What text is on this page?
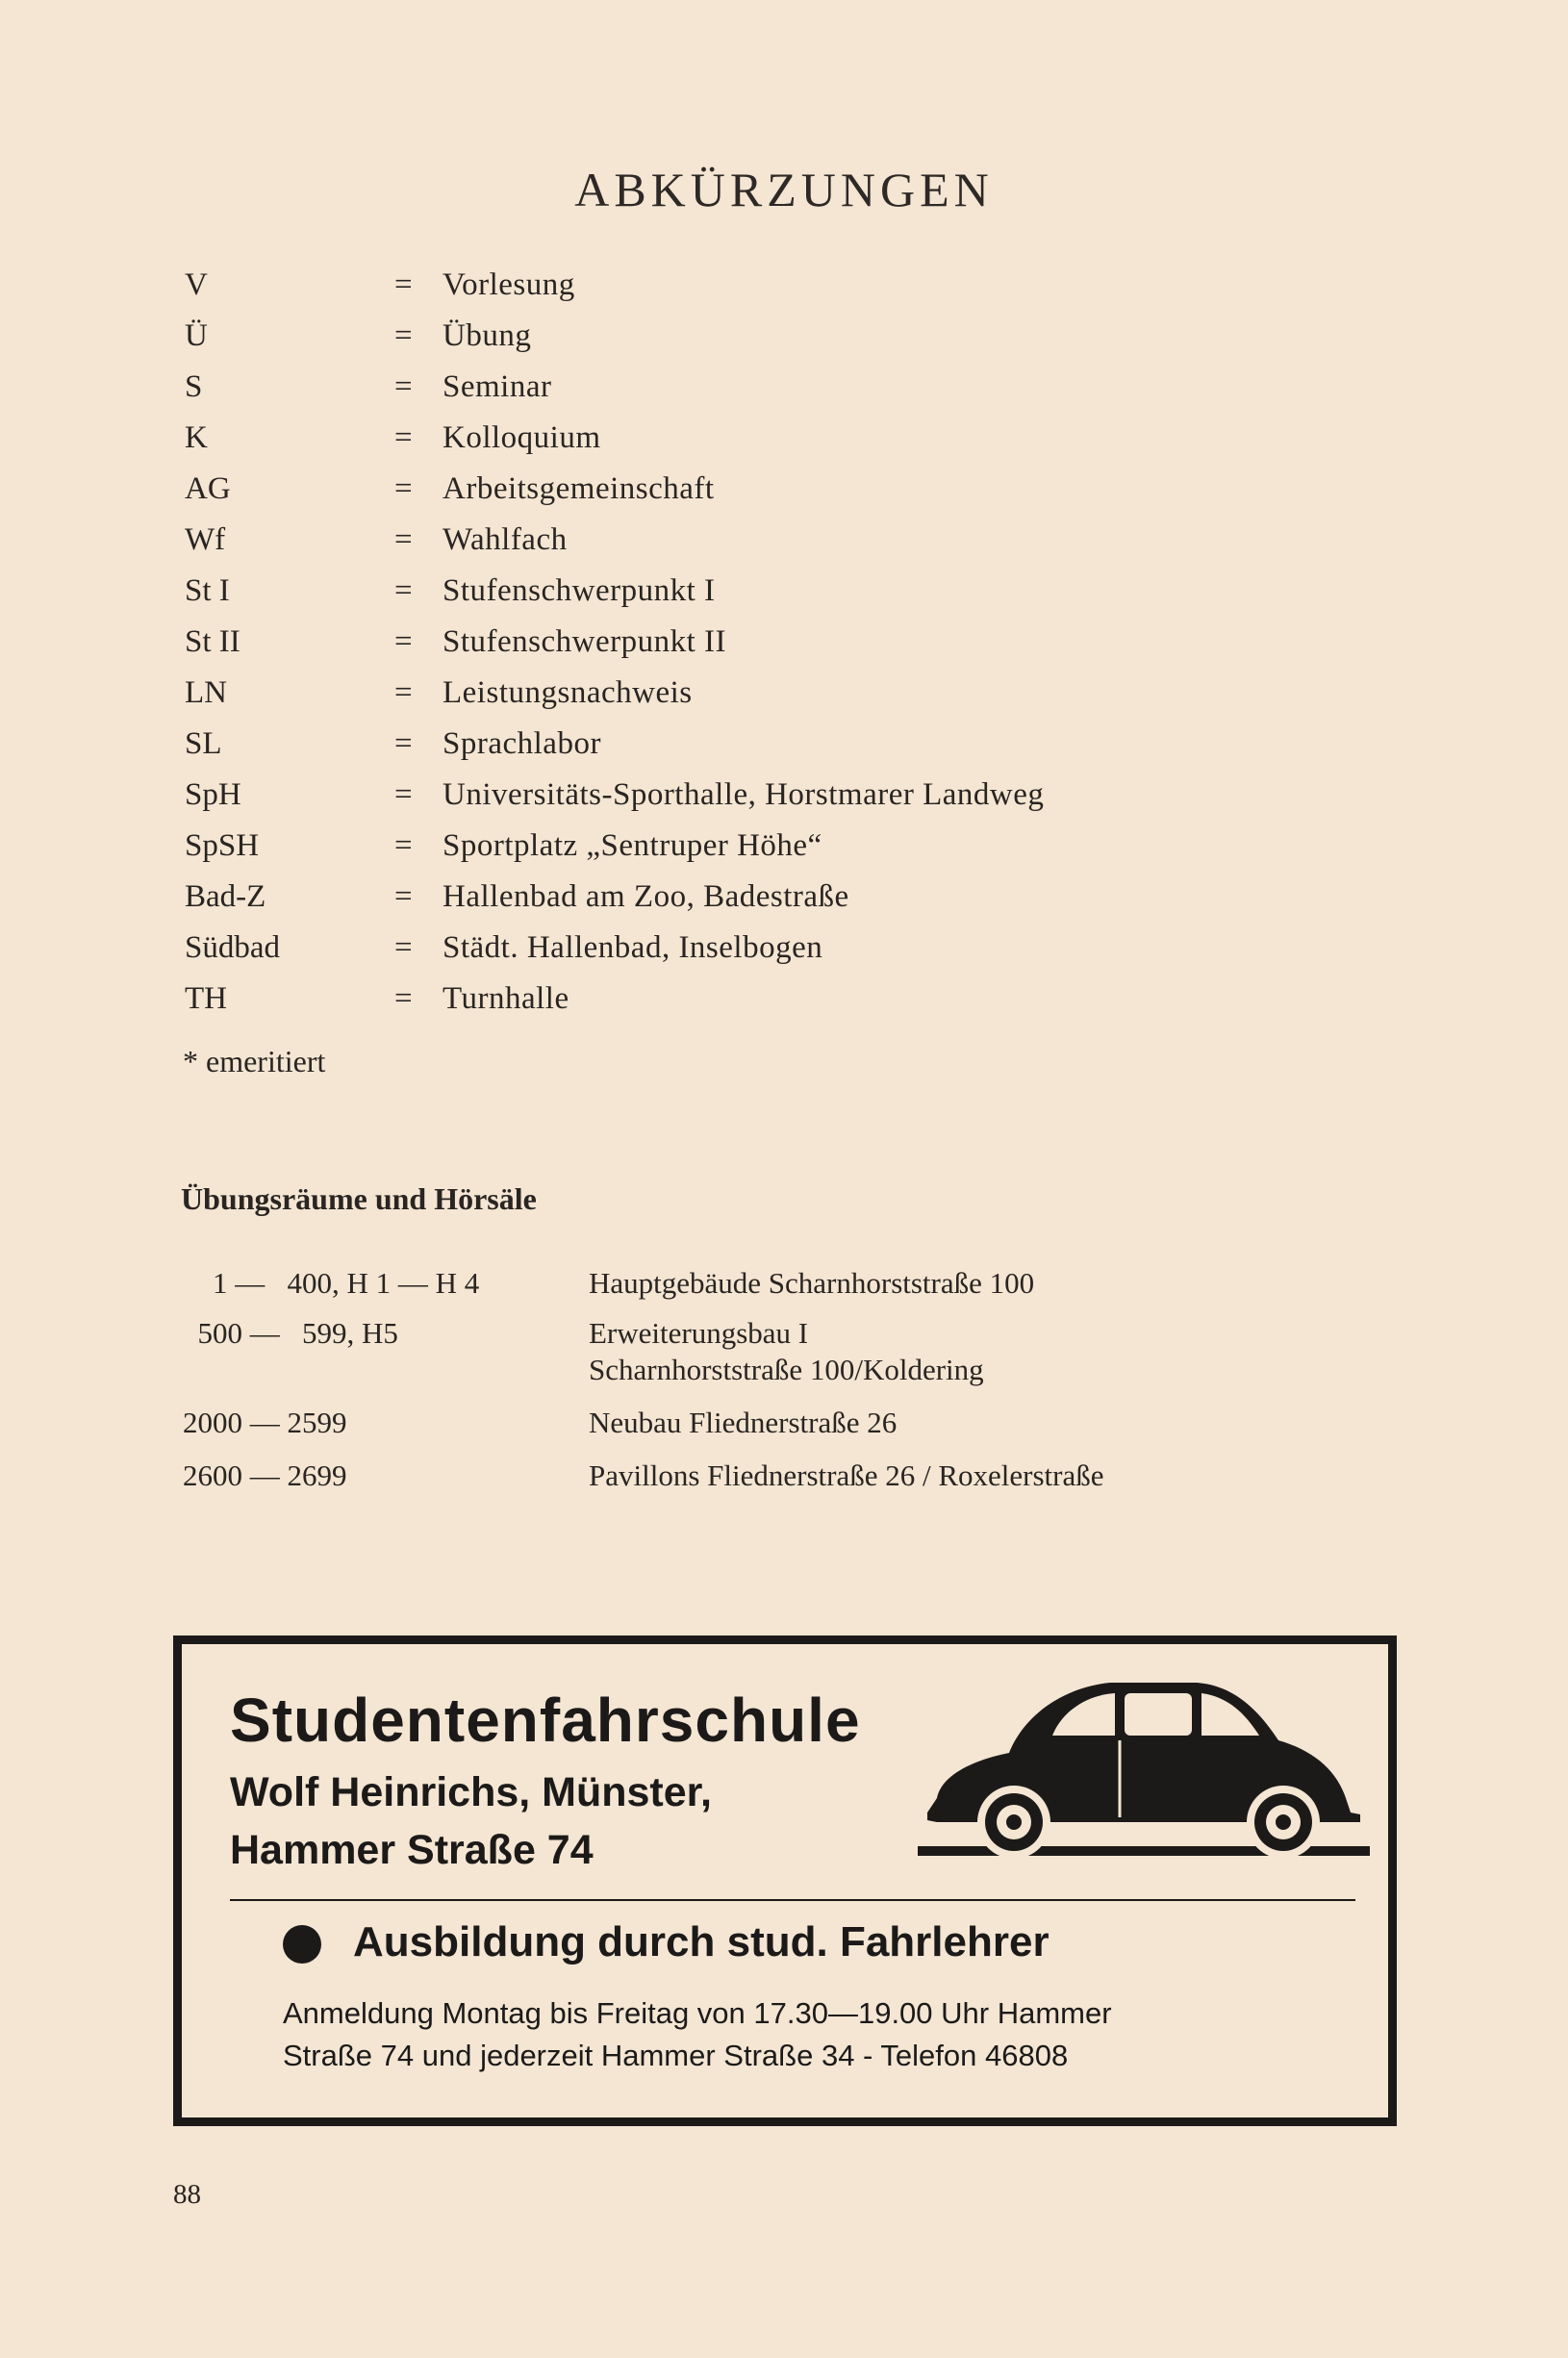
ABKÜRZUNGEN
V	= Vorlesung
Ü	= Übung
S	= Seminar
K	= Kolloquium
AG	= Arbeitsgemeinschaft
Wf	= Wahlfach
St I	= Stufenschwerpunkt I
St II	= Stufenschwerpunkt II
LN	= Leistungsnachweis
SL	= Sprachlabor
SpH	= Universitäts-Sporthalle, Horstmarer Landweg
SpSH	= Sportplatz „Sentruper Höhe“
Bad-Z	= Hallenbad am Zoo, Badestraße
Südbad	= Städt. Hallenbad, Inselbogen
TH	= Turnhalle
* emeritiert
Übungsräume und Hörsäle
1 —   400, H 1 — H 4	Hauptgebäude Scharnhorststraße 100
500 —   599, H5	Erweiterungsbau I
Scharnhorststraße 100/Koldering
2000 — 2599	Neubau Fliednerstraße 26
2600 — 2699	Pavillons Fliednerstraße 26 / Roxelerstraße
Studentenfahrschule
Wolf Heinrichs, Münster,
Hammer Straße 74
Ausbildung durch stud. Fahrlehrer
Anmeldung Montag bis Freitag von 17.30—19.00 Uhr Hammer
Straße 74 und jederzeit Hammer Straße 34 - Telefon 46808
88
